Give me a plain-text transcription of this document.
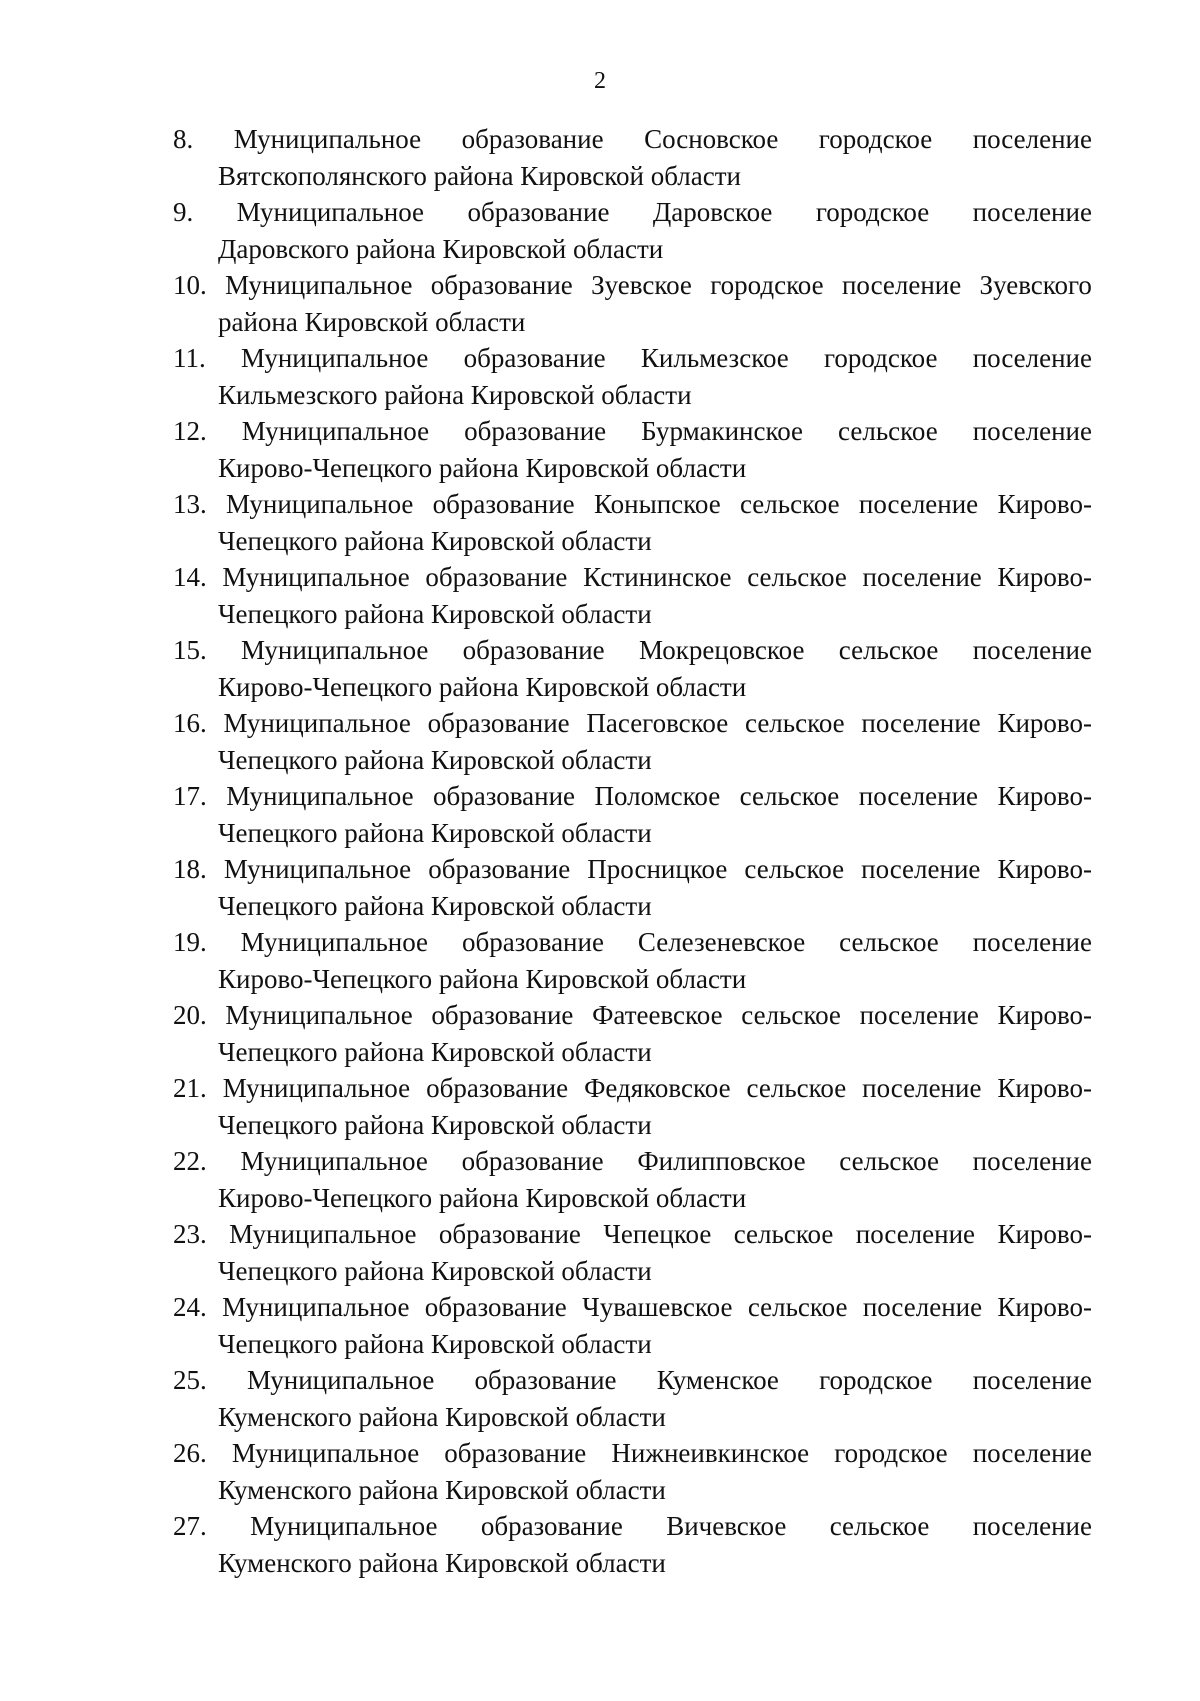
2
8. Муниципальное образование Сосновское городское поселение
Вятскополянского района Кировской области
9. Муниципальное образование Даровское городское поселение
Даровского района Кировской области
10. Муниципальное образование Зуевское городское поселение Зуевского
района Кировской области
11. Муниципальное образование Кильмезское городское поселение
Кильмезского района Кировской области
12. Муниципальное образование Бурмакинское сельское поселение
Кирово-Чепецкого района Кировской области
13. Муниципальное образование Коныпское сельское поселение Кирово-
Чепецкого района Кировской области
14. Муниципальное образование Кстининское сельское поселение Кирово-
Чепецкого района Кировской области
15. Муниципальное образование Мокрецовское сельское поселение
Кирово-Чепецкого района Кировской области
16. Муниципальное образование Пасеговское сельское поселение Кирово-
Чепецкого района Кировской области
17. Муниципальное образование Поломское сельское поселение Кирово-
Чепецкого района Кировской области
18. Муниципальное образование Просницкое сельское поселение Кирово-
Чепецкого района Кировской области
19. Муниципальное образование Селезеневское сельское поселение
Кирово-Чепецкого района Кировской области
20. Муниципальное образование Фатеевское сельское поселение Кирово-
Чепецкого района Кировской области
21. Муниципальное образование Федяковское сельское поселение Кирово-
Чепецкого района Кировской области
22. Муниципальное образование Филипповское сельское поселение
Кирово-Чепецкого района Кировской области
23. Муниципальное образование Чепецкое сельское поселение Кирово-
Чепецкого района Кировской области
24. Муниципальное образование Чувашевское сельское поселение Кирово-
Чепецкого района Кировской области
25. Муниципальное образование Куменское городское поселение
Куменского района Кировской области
26. Муниципальное образование Нижнеивкинское городское поселение
Куменского района Кировской области
27. Муниципальное образование Вичевское сельское поселение
Куменского района Кировской области
